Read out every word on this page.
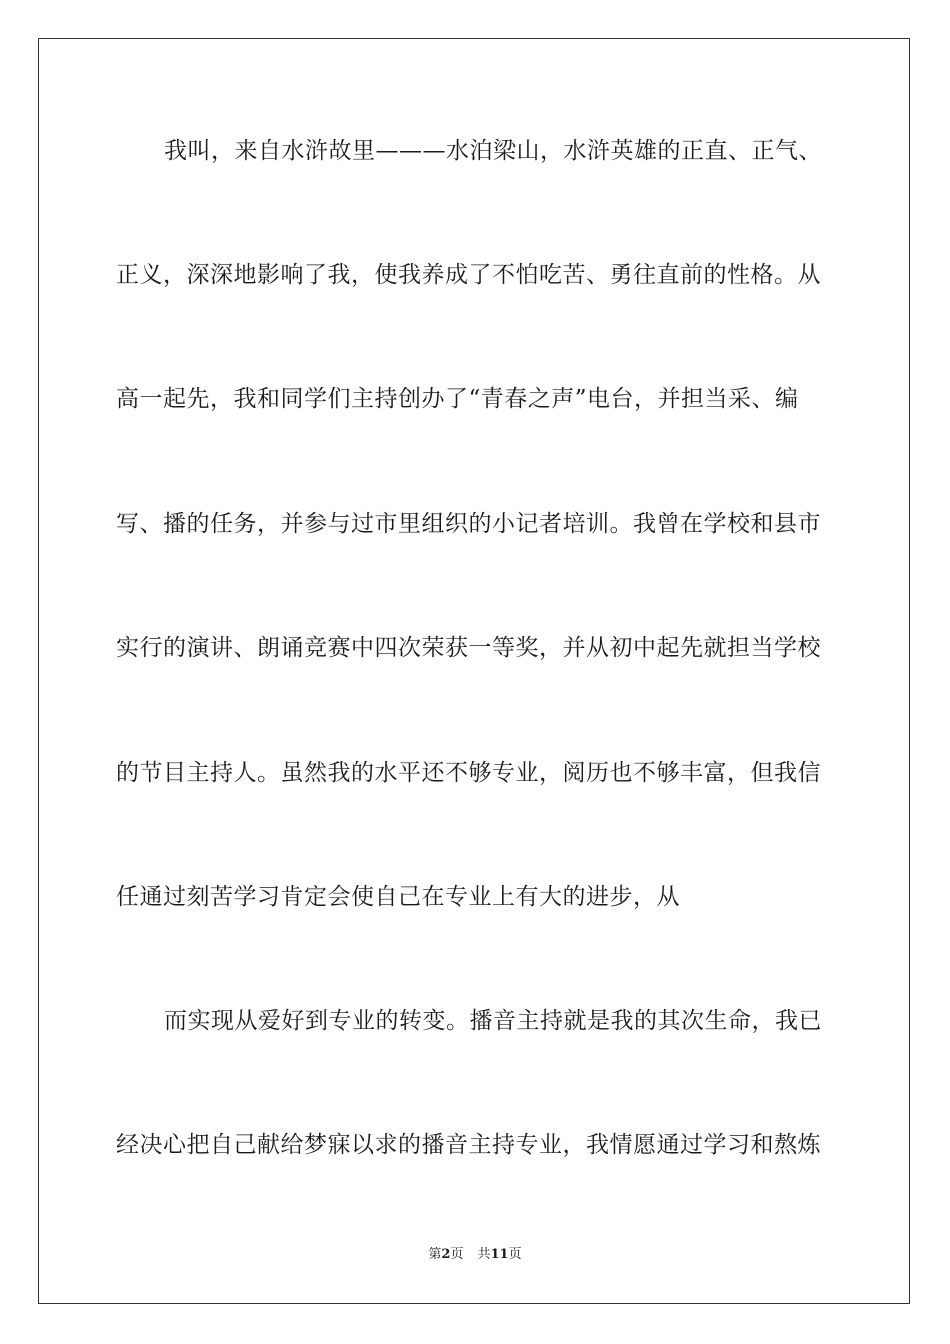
我叫，来自水浒故里———水泊梁山，水浒英雄的正直、正气、
正义，深深地影响了我，使我养成了不怕吃苦、勇往直前的性格。从
高一起先，我和同学们主持创办了“青春之声”电台，并担当采、编
写、播的任务，并参与过市里组织的小记者培训。我曾在学校和县市
实行的演讲、朗诵竞赛中四次荣获一等奖，并从初中起先就担当学校
的节目主持人。虽然我的水平还不够专业，阅历也不够丰富，但我信
任通过刻苦学习肯定会使自己在专业上有大的进步，从
而实现从爱好到专业的转变。播音主持就是我的其次生命，我已
经决心把自己献给梦寐以求的播音主持专业，我情愿通过学习和熬炼
第2页 共11页
